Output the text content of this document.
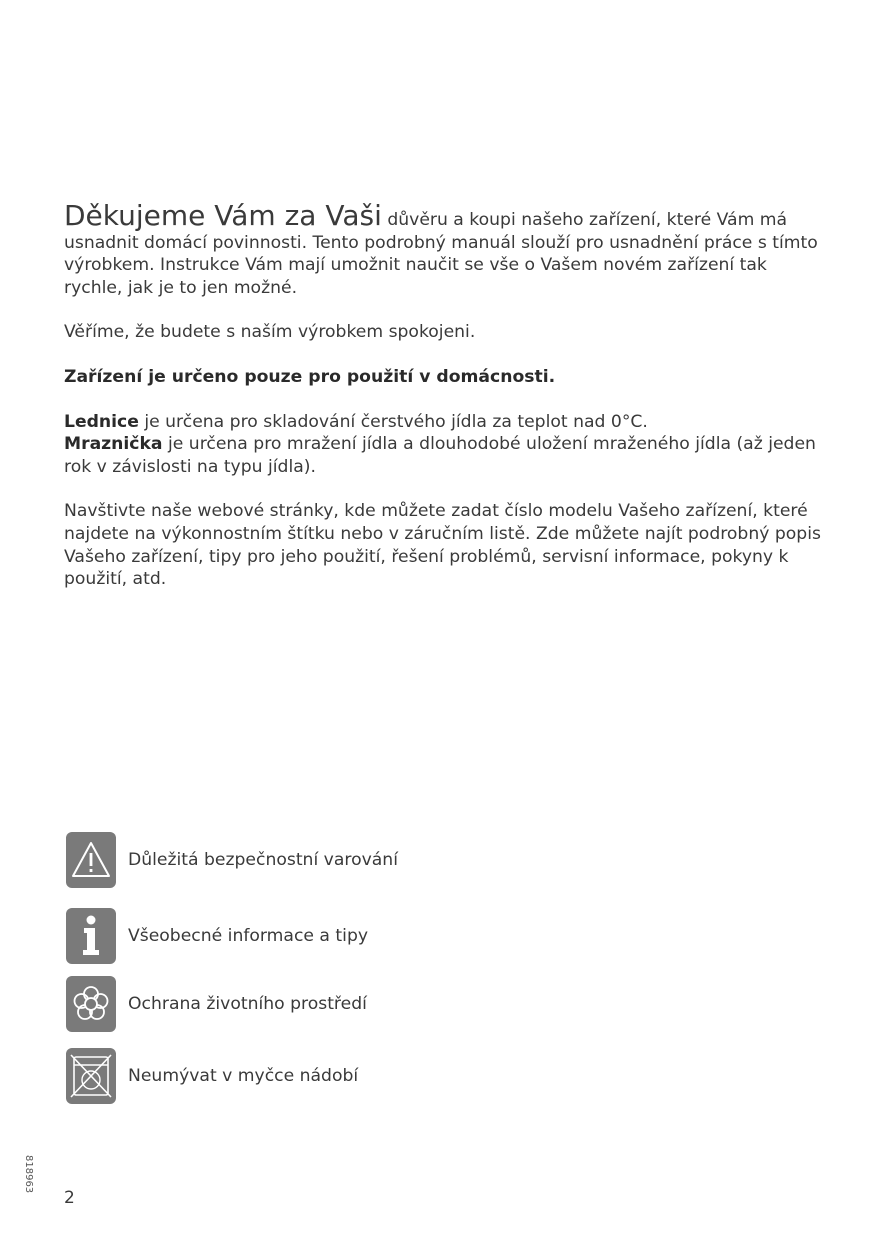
Děkujeme Vám za Vaši důvěru a koupi našeho zařízení, které Vám má usnadnit domácí povinnosti. Tento podrobný manuál slouží pro usnadnění práce s tímto výrobkem. Instrukce Vám mají umožnit naučit se vše o Vašem novém zařízení tak rychle, jak je to jen možné.

Věříme, že budete s naším výrobkem spokojeni.

Zařízení je určeno pouze pro použití v domácnosti.

Lednice je určena pro skladování čerstvého jídla za teplot nad 0°C.
Mraznička je určena pro mražení jídla a dlouhodobé uložení mraženého jídla (až jeden rok v závislosti na typu jídla).

Navštivte naše webové stránky, kde můžete zadat číslo modelu Vašeho zařízení, které najdete na výkonnostním štítku nebo v záručním listě. Zde můžete najít podrobný popis Vašeho zařízení, tipy pro jeho použití, řešení problémů, servisní informace, pokyny k použití, atd.

Důležitá bezpečnostní varování
Všeobecné informace a tipy
Ochrana životního prostředí
Neumývat v myčce nádobí
818963
2
